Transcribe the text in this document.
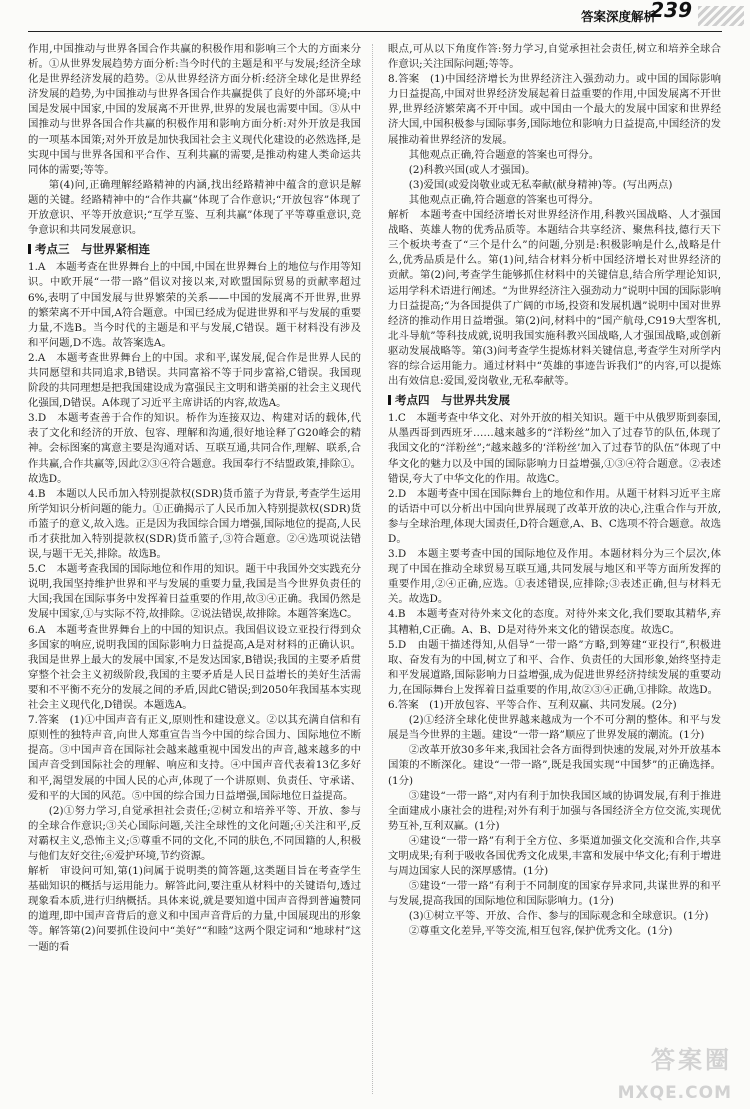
答案深度解析
239

作用,中国推动与世界各国合作共赢的积极作用和影响三个大的方面来分析。①从世界发展趋势方面分析:当今时代的主题是和平与发展;经济全球化是世界经济发展的趋势。②从世界经济方面分析:经济全球化是世界经济发展的趋势,为中国推动与世界各国合作共赢提供了良好的外部环境;中国是发展中国家,中国的发展离不开世界,世界的发展也需要中国。③从中国推动与世界各国合作共赢的积极作用和影响方面分析:对外开放是我国的一项基本国策;对外开放是加快我国社会主义现代化建设的必然选择,是实现中国与世界各国和平合作、互利共赢的需要,是推动构建人类命运共同体的需要;等等。

第(4)问,正确理解经路精神的内涵,找出经路精神中蕴含的意识是解题的关键。经路精神中的“合作共赢”体现了合作意识;“开放包容”体现了开放意识、平等开放意识;“互学互鉴、互利共赢”体现了平等尊重意识,竞争意识和共同发展意识。

考点三　与世界紧相连

1.A　本题考查在世界舞台上的中国,中国在世界舞台上的地位与作用等知识。中欧开展“一带一路”倡议对接以来,对欧盟国际贸易的贡献率超过6%,表明了中国发展与世界繁荣的关系——中国的发展离不开世界,世界的繁荣离不开中国,A符合题意。中国已经成为促进世界和平与发展的重要力量,不选B。当今时代的主题是和平与发展,C错误。题干材料没有涉及和平问题,D不选。故答案选A。

2.A　本题考查世界舞台上的中国。求和平,谋发展,促合作是世界人民的共同愿望和共同追求,B错误。共同富裕不等于同步富裕,C错误。我国现阶段的共同理想是把我国建设成为富强民主文明和谐美丽的社会主义现代化强国,D错误。A体现了习近平主席讲话的内容,故选A。

3.D　本题考查善于合作的知识。桥作为连接双边、构建对话的载体,代表了文化和经济的开放、包容、理解和沟通,很好地诠释了G20峰会的精神。会标图案的寓意主要是沟通对话、互联互通,共同合作,理解、联系,合作共赢,合作共赢等,因此②③④符合题意。我国奉行不结盟政策,排除①。故选D。

4.B　本题以人民币加入特别提款权(SDR)货币篮子为背景,考查学生运用所学知识分析问题的能力。①正确揭示了人民币加入特别提款权(SDR)货币篮子的意义,故入选。正是因为我国综合国力增强,国际地位的提高,人民币才获批加入特别提款权(SDR)货币篮子,③符合题意。②④选项说法错误,与题干无关,排除。故选B。

5.C　本题考查我国的国际地位和作用的知识。题干中我国外交实践充分说明,我国坚持维护世界和平与发展的重要力量,我国是当今世界负责任的大国;我国在国际事务中发挥着日益重要的作用,故③④正确。我国仍然是发展中国家,①与实际不符,故排除。②说法错误,故排除。本题答案选C。

6.A　本题考查世界舞台上的中国的知识点。我国倡议设立亚投行得到众多国家的响应,说明我国的国际影响力日益提高,A是对材料的正确认识。我国是世界上最大的发展中国家,不是发达国家,B错误;我国的主要矛盾贯穿整个社会主义初级阶段,我国的主要矛盾是人民日益增长的美好生活需要和不平衡不充分的发展之间的矛盾,因此C错误;到2050年我国基本实现社会主义现代化,D错误。本题选A。

7.答案　(1)①中国声音有正义,原则性和建设意义。②以其充满自信和有原则性的独特声音,向世人郑重宣告当今中国的综合国力、国际地位不断提高。③中国声音在国际社会越来越重视中国发出的声音,越来越多的中国声音受到国际社会的理解、响应和支持。④中国声音代表着13亿多好和平,渴望发展的中国人民的心声,体现了一个讲原则、负责任、守承诺、爱和平的大国的风范。⑤中国的综合国力日益增强,国际地位日益提高。

(2)①努力学习,自觉承担社会责任;②树立和培养平等、开放、参与的全球合作意识;③关心国际问题,关注全球性的文化问题;④关注和平,反对霸权主义,恐怖主义;⑤尊重不同的文化,不同的肤色,不同国籍的人,积极与他们友好交往;⑥爱护环境,节约资源。

解析　审设问可知,第(1)问属于说明类的简答题,这类题目旨在考查学生基础知识的概括与运用能力。解答此问,要注重从材料中的关键语句,透过现象看本质,进行归纳概括。具体来说,就是要知道中国声音得到普遍赞同的道理,即中国声音背后的意义和中国声音背后的力量,中国展现出的形象等。解答第(2)问要抓住设问中“美好”“和睦”这两个限定词和“地球村”这一题的看

眼点,可从以下角度作答:努力学习,自觉承担社会责任,树立和培养全球合作意识;关注国际问题;等等。

8.答案　(1)中国经济增长为世界经济注入强劲动力。或中国的国际影响力日益提高,中国对世界经济发展起着日益重要的作用,中国发展离不开世界,世界经济繁荣离不开中国。或中国由一个最大的发展中国家和世界经济大国,中国积极参与国际事务,国际地位和影响力日益提高,中国经济的发展推动着世界经济的发展。

其他观点正确,符合题意的答案也可得分。

(2)科教兴国(或人才强国)。

(3)爱国(或爱岗敬业或无私奉献(献身精神)等。(写出两点)

其他观点正确,符合题意的答案也可得分。

解析　本题考查中国经济增长对世界经济作用,科教兴国战略、人才强国战略、英雄人物的优秀品质等。本题结合共享经济、聚焦科技,德行天下三个板块考查了“三个是什么”的问题,分别是:积极影响是什么,战略是什么,优秀品质是什么。第(1)问,结合材料分析中国经济增长对世界经济的贡献。第(2)问,考查学生能够抓住材料中的关键信息,结合所学理论知识,运用学科术语进行阐述。“为世界经济注入强劲动力”说明中国的国际影响力日益提高;“为各国提供了广阔的市场,投资和发展机遇”说明中国对世界经济的推动作用日益增强。第(2)问,材料中的“国产航母,C919大型客机,北斗导航”等科技成就,说明我国实施科教兴国战略,人才强国战略,或创新驱动发展战略等。第(3)问考查学生提炼材料关键信息,考查学生对所学内容的综合运用能力。通过材料中“英雄的事迹告诉我们”的内容,可以提炼出有效信息:爱国,爱岗敬业,无私奉献等。

考点四　与世界共发展

1.C　本题考查中华文化、对外开放的相关知识。题干中从俄罗斯到泰国,从墨西哥到西班牙……越来越多的“洋粉丝”加入了过春节的队伍,体现了我国文化的“洋粉丝”;“越来越多的‘洋粉丝’加入了过春节的队伍”体现了中华文化的魅力以及中国的国际影响力日益增强,①③④符合题意。②表述错误,夸大了中华文化的作用。故选C。

2.D　本题考查中国在国际舞台上的地位和作用。从题干材料习近平主席的话语中可以分析出中国向世界展现了改革开放的决心,注重合作与开放,参与全球治理,体现大国责任,D符合题意,A、B、C选项不符合题意。故选D。

3.D　本题主要考查中国的国际地位及作用。本题材料分为三个层次,体现了中国在推动全球贸易互联互通,共同发展与地区和平等方面所发挥的重要作用,②④正确,应选。①表述错误,应排除;③表述正确,但与材料无关。故选D。

4.B　本题考查对待外来文化的态度。对待外来文化,我们要取其精华,弃其糟粕,C正确。A、B、D是对待外来文化的错误态度。故选C。

5.D　由题干描述得知,从倡导“一带一路”方略,到筹建“亚投行”,积极进取、奋发有为的中国,树立了和平、合作、负责任的大国形象,始终坚持走和平发展道路,国际影响力日益增强,成为促进世界经济持续发展的重要动力,在国际舞台上发挥着日益重要的作用,故②③④正确,①排除。故选D。

6.答案　(1)开放包容、平等合作、互利双赢、共同发展。(2分)

(2)①经济全球化使世界越来越成为一个不可分割的整体。和平与发展是当今世界的主题。建设“一带一路”顺应了世界发展的潮流。(1分)

②改革开放30多年来,我国社会各方面得到快速的发展,对外开放基本国策的不断深化。建设“一带一路”,既是我国实现“中国梦”的正确选择。(1分)

③建设“一带一路”,对内有利于加快我国区域的协调发展,有利于推进全面建成小康社会的进程;对外有利于加强与各国经济全方位交流,实现优势互补,互利双赢。(1分)

④建设“一带一路”有利于全方位、多渠道加强文化交流和合作,共享文明成果;有利于吸收各国优秀文化成果,丰富和发展中华文化;有利于增进与周边国家人民的深厚感情。(1分)

⑤建设“一带一路”有利于不同制度的国家存异求同,共谋世界的和平与发展,提高我国的国际地位和国际影响力。(1分)

(3)①树立平等、开放、合作、参与的国际观念和全球意识。(1分)

②尊重文化差异,平等交流,相互包容,保护优秀文化。(1分)

答案圈
MXQE.COM
